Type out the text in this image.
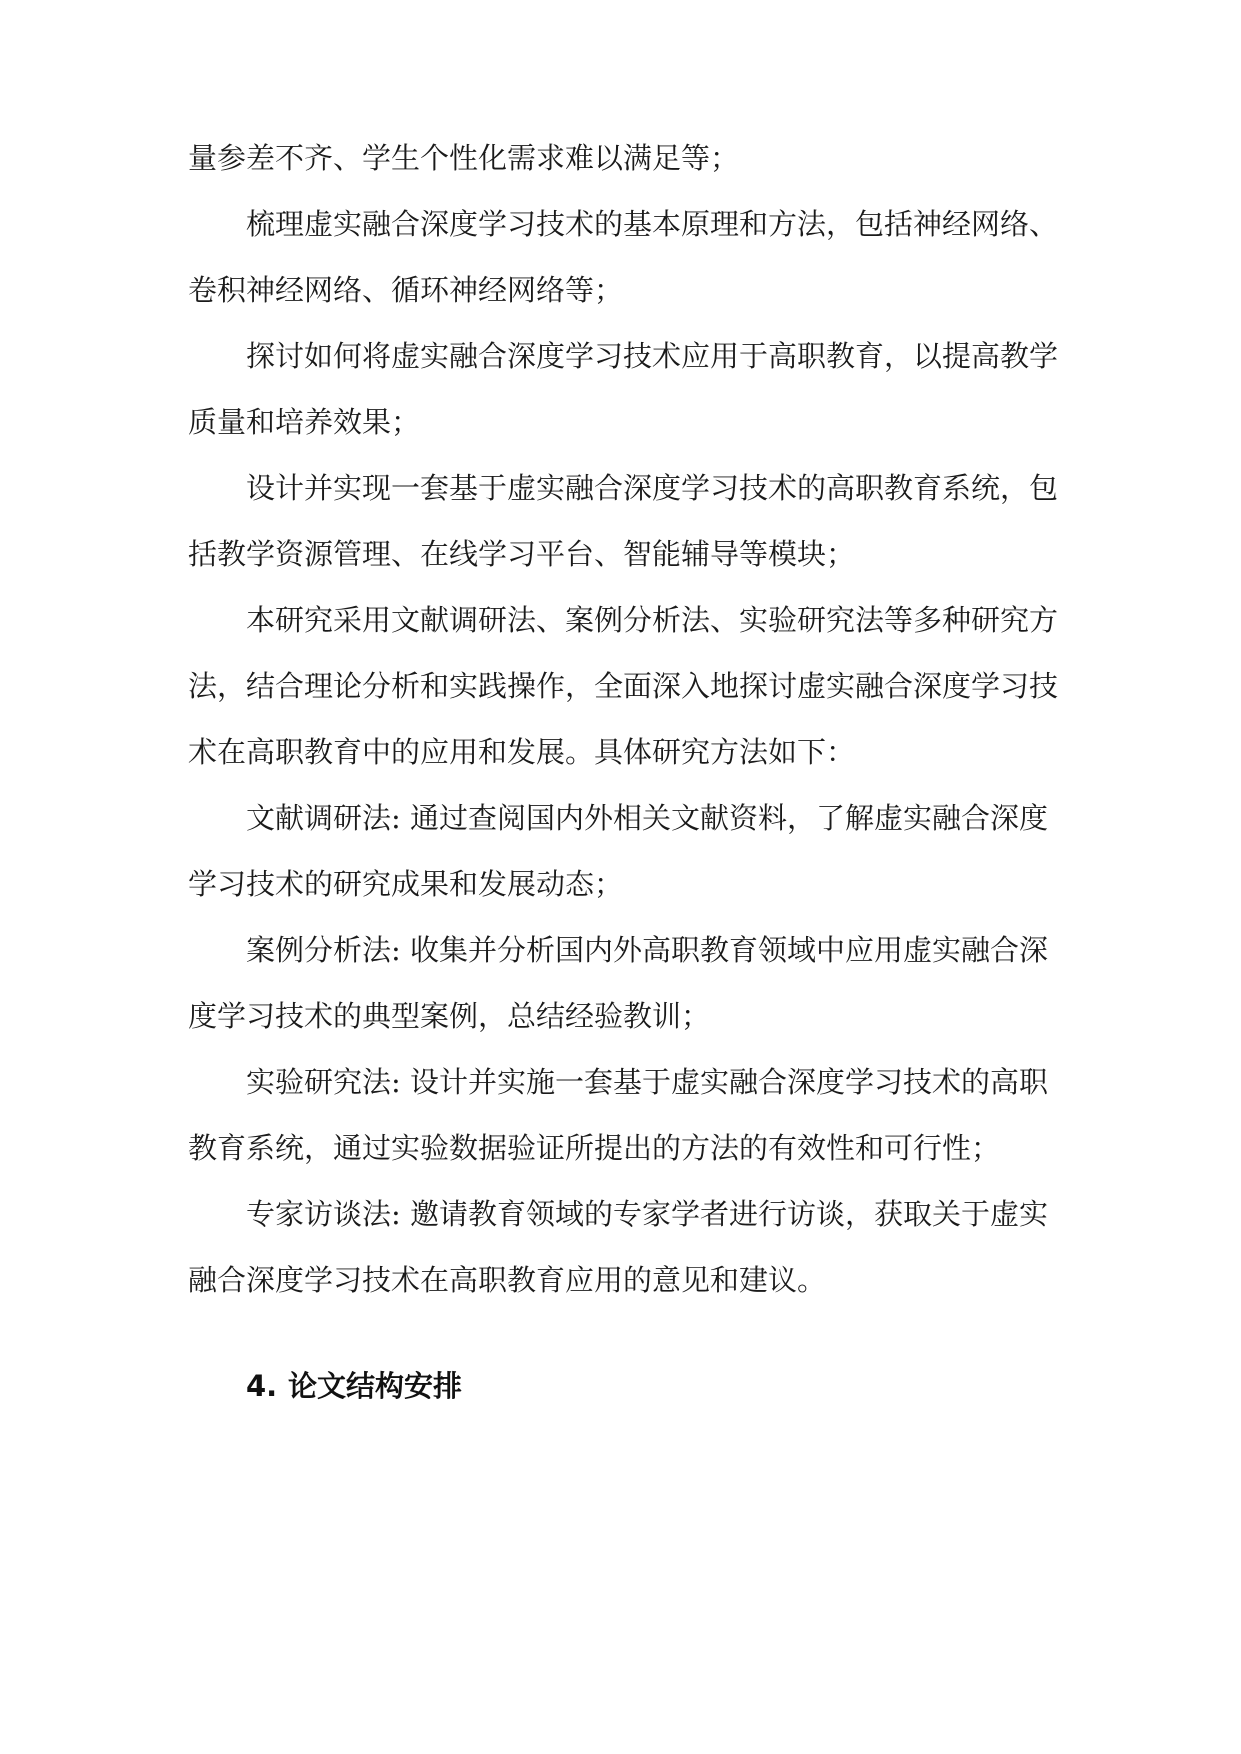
量参差不齐、学生个性化需求难以满足等；

梳理虚实融合深度学习技术的基本原理和方法，包括神经网络、

卷积神经网络、循环神经网络等；

探讨如何将虚实融合深度学习技术应用于高职教育，以提高教学

质量和培养效果；

设计并实现一套基于虚实融合深度学习技术的高职教育系统，包

括教学资源管理、在线学习平台、智能辅导等模块；

本研究采用文献调研法、案例分析法、实验研究法等多种研究方

法，结合理论分析和实践操作，全面深入地探讨虚实融合深度学习技

术在高职教育中的应用和发展。具体研究方法如下：

文献调研法: 通过查阅国内外相关文献资料，了解虚实融合深度

学习技术的研究成果和发展动态；

案例分析法: 收集并分析国内外高职教育领域中应用虚实融合深

度学习技术的典型案例，总结经验教训；

实验研究法: 设计并实施一套基于虚实融合深度学习技术的高职

教育系统，通过实验数据验证所提出的方法的有效性和可行性；

专家访谈法: 邀请教育领域的专家学者进行访谈，获取关于虚实

融合深度学习技术在高职教育应用的意见和建议。

4. 论文结构安排
